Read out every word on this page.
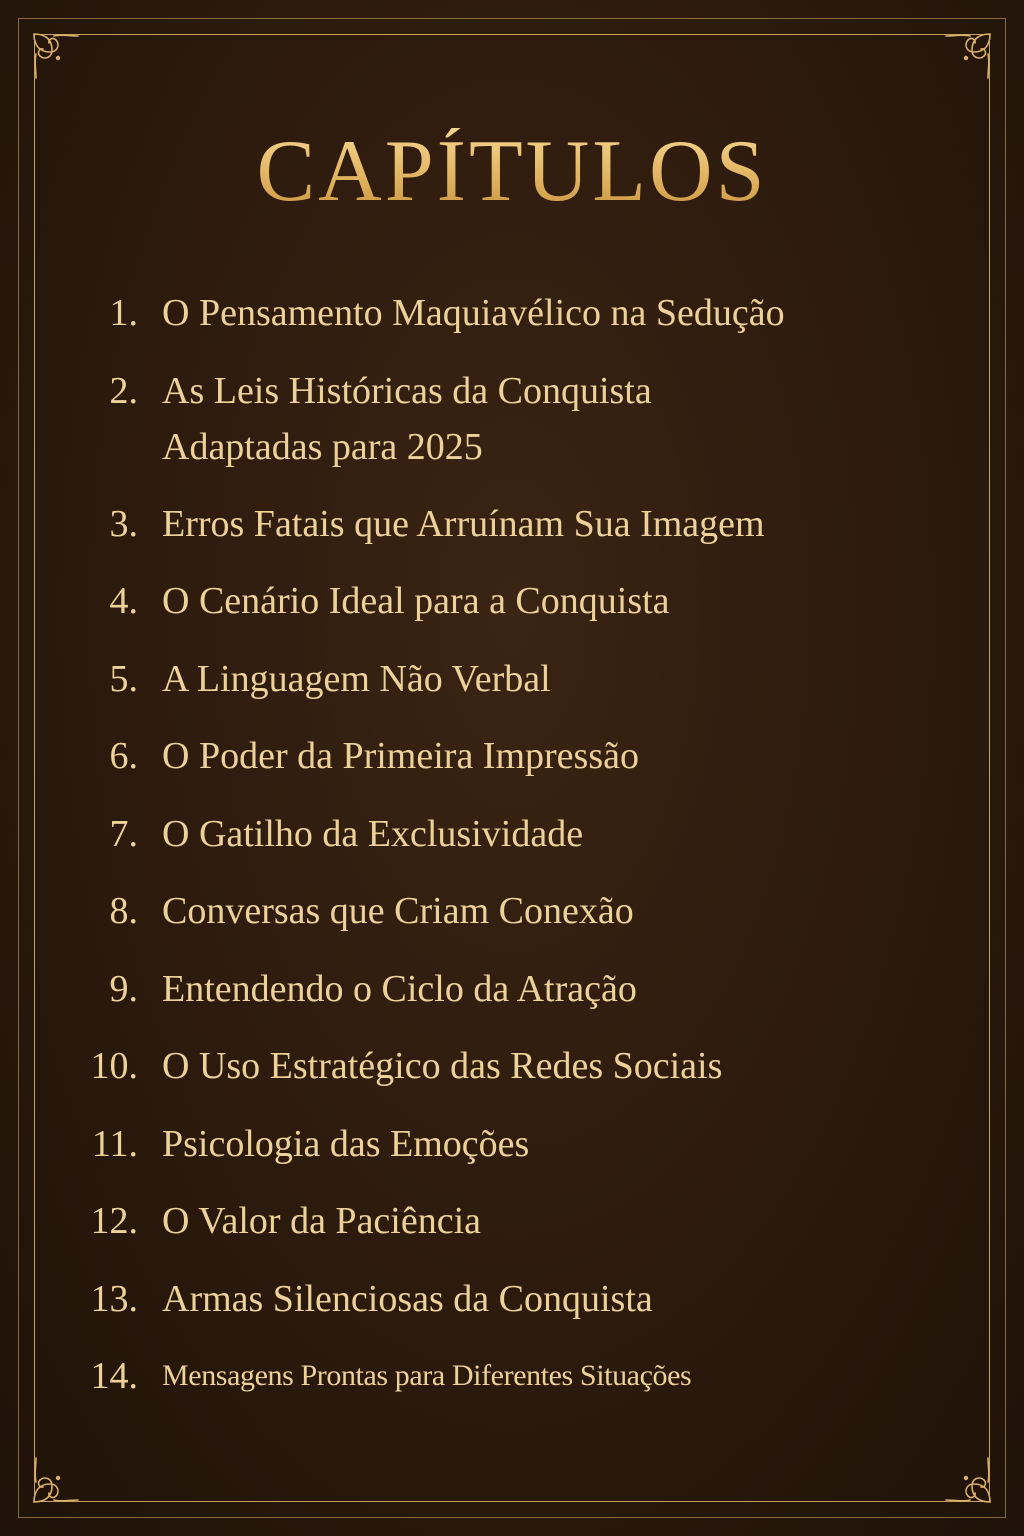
CAPÍTULOS
1. O Pensamento Maquiavélico na Sedução
2. As Leis Históricas da Conquista Adaptadas para 2025
3. Erros Fatais que Arruínam Sua Imagem
4. O Cenário Ideal para a Conquista
5. A Linguagem Não Verbal
6. O Poder da Primeira Impressão
7. O Gatilho da Exclusividade
8. Conversas que Criam Conexão
9. Entendendo o Ciclo da Atração
10. O Uso Estratégico das Redes Sociais
11. Psicologia das Emoções
12. O Valor da Paciência
13. Armas Silenciosas da Conquista
14. Mensagens Prontas para Diferentes Situações
